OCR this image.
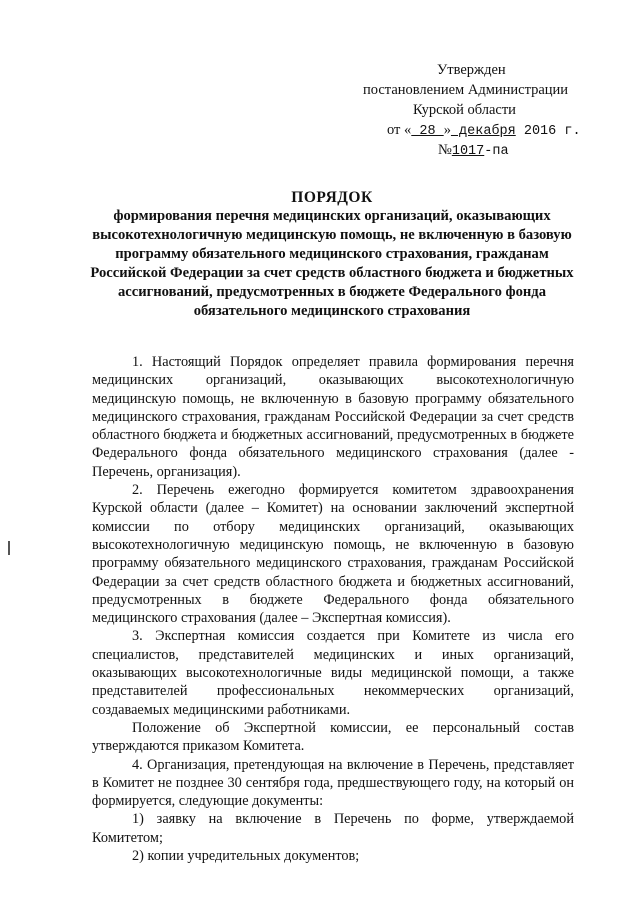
Утвержден
постановлением Администрации
Курской области
от « 28 » декабря 2016 г.
№1017-па
ПОРЯДОК
формирования перечня медицинских организаций, оказывающих высокотехнологичную медицинскую помощь, не включенную в базовую программу обязательного медицинского страхования, гражданам Российской Федерации за счет средств областного бюджета и бюджетных ассигнований, предусмотренных в бюджете Федерального фонда обязательного медицинского страхования

1. Настоящий Порядок определяет правила формирования перечня медицинских организаций, оказывающих высокотехнологичную медицинскую помощь, не включенную в базовую программу обязательного медицинского страхования, гражданам Российской Федерации за счет средств областного бюджета и бюджетных ассигнований, предусмотренных в бюджете Федерального фонда обязательного медицинского страхования (далее - Перечень, организация).

2. Перечень ежегодно формируется комитетом здравоохранения Курской области (далее – Комитет) на основании заключений экспертной комиссии по отбору медицинских организаций, оказывающих высокотехнологичную медицинскую помощь, не включенную в базовую программу обязательного медицинского страхования, гражданам Российской Федерации за счет средств областного бюджета и бюджетных ассигнований, предусмотренных в бюджете Федерального фонда обязательного медицинского страхования (далее – Экспертная комиссия).

3. Экспертная комиссия создается при Комитете из числа его специалистов, представителей медицинских и иных организаций, оказывающих высокотехнологичные виды медицинской помощи, а также представителей профессиональных некоммерческих организаций, создаваемых медицинскими работниками.

Положение об Экспертной комиссии, ее персональный состав утверждаются приказом Комитета.

4. Организация, претендующая на включение в Перечень, представляет в Комитет не позднее 30 сентября года, предшествующего году, на который он формируется, следующие документы:

1) заявку на включение в Перечень по форме, утверждаемой Комитетом;

2) копии учредительных документов;
